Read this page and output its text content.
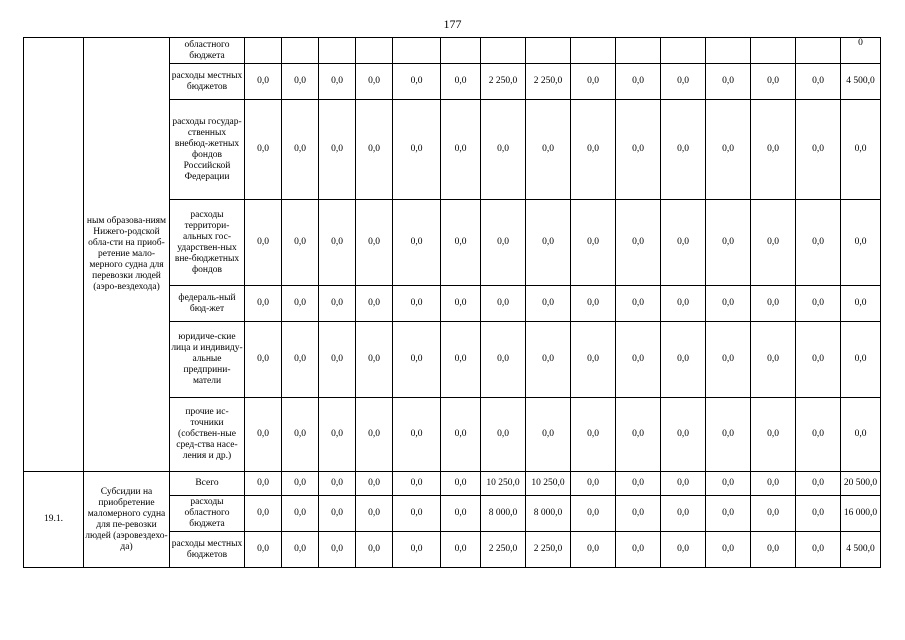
177
	ным образова-ниям Нижего-родской обла-сти на приоб-ретение мало-мерного судна для перевозки людей (аэро-вездехода)	областного бюджета															0
		расходы местных бюджетов	0,0	0,0	0,0	0,0	0,0	0,0	2 250,0	2 250,0	0,0	0,0	0,0	0,0	0,0	0,0	4 500,0
		расходы государ-ственных внебюд-жетных фондов Российской Федерации	0,0	0,0	0,0	0,0	0,0	0,0	0,0	0,0	0,0	0,0	0,0	0,0	0,0	0,0	0,0
		расходы территори-альных гос-ударствен-ных вне-бюджетных фондов	0,0	0,0	0,0	0,0	0,0	0,0	0,0	0,0	0,0	0,0	0,0	0,0	0,0	0,0	0,0
		федераль-ный бюд-жет	0,0	0,0	0,0	0,0	0,0	0,0	0,0	0,0	0,0	0,0	0,0	0,0	0,0	0,0	0,0
		юридиче-ские лица и индивиду-альные предприни-матели	0,0	0,0	0,0	0,0	0,0	0,0	0,0	0,0	0,0	0,0	0,0	0,0	0,0	0,0	0,0
		прочие ис-точники (собствен-ные сред-ства насе-ления и др.)	0,0	0,0	0,0	0,0	0,0	0,0	0,0	0,0	0,0	0,0	0,0	0,0	0,0	0,0	0,0
19.1.	Субсидии на приобретение маломерного судна для пе-ревозки людей (аэровездехо-да)	Всего	0,0	0,0	0,0	0,0	0,0	0,0	10 250,0	10 250,0	0,0	0,0	0,0	0,0	0,0	0,0	20 500,0
		расходы областного бюджета	0,0	0,0	0,0	0,0	0,0	0,0	8 000,0	8 000,0	0,0	0,0	0,0	0,0	0,0	0,0	16 000,0
		расходы местных бюджетов	0,0	0,0	0,0	0,0	0,0	0,0	2 250,0	2 250,0	0,0	0,0	0,0	0,0	0,0	0,0	4 500,0
